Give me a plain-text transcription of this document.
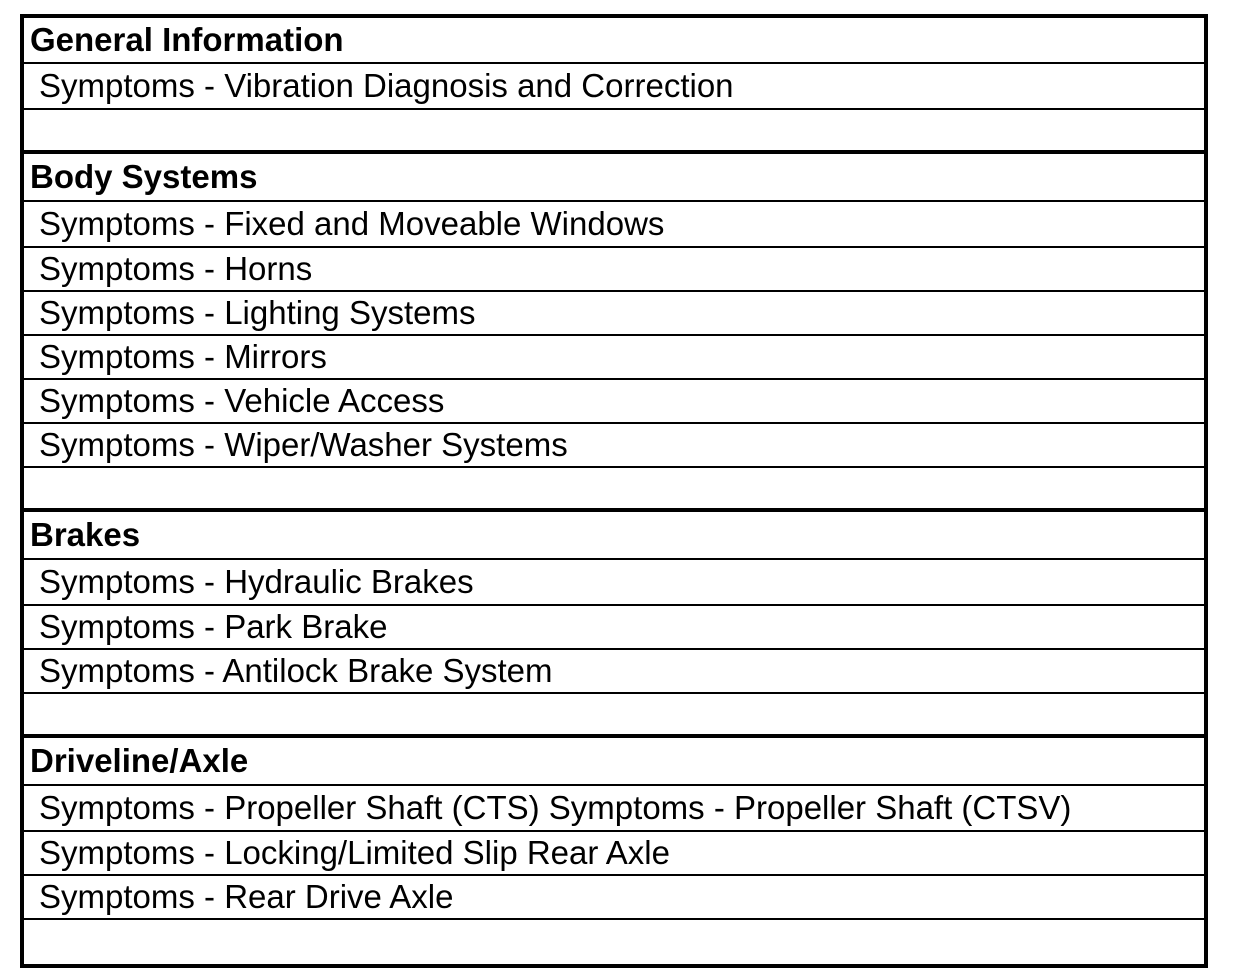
General Information
Symptoms - Vibration Diagnosis and Correction
Body Systems
Symptoms - Fixed and Moveable Windows
Symptoms - Horns
Symptoms - Lighting Systems
Symptoms - Mirrors
Symptoms - Vehicle Access
Symptoms - Wiper/Washer Systems
Brakes
Symptoms - Hydraulic Brakes
Symptoms - Park Brake
Symptoms - Antilock Brake System
Driveline/Axle
Symptoms - Propeller Shaft (CTS) Symptoms - Propeller Shaft (CTSV)
Symptoms - Locking/Limited Slip Rear Axle
Symptoms - Rear Drive Axle
